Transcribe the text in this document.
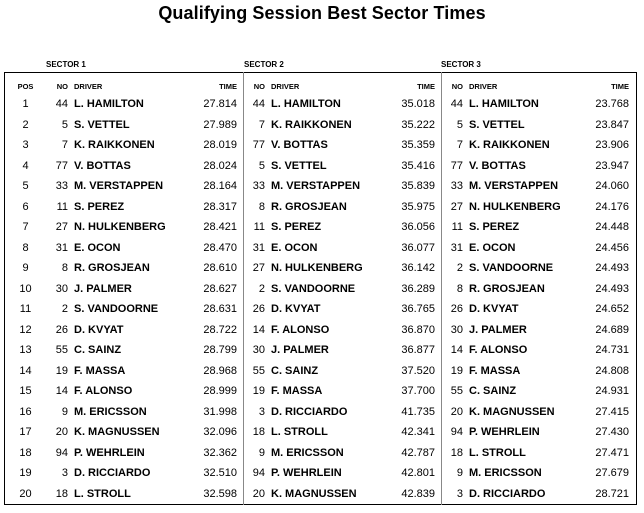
Qualifying Session Best Sector Times
SECTOR 1	SECTOR 2	SECTOR 3
POS	NO	DRIVER	TIME	NO	DRIVER	TIME	NO	DRIVER	TIME
1	44	L. HAMILTON	27.814	44	L. HAMILTON	35.018	44	L. HAMILTON	23.768
2	5	S. VETTEL	27.989	7	K. RAIKKONEN	35.222	5	S. VETTEL	23.847
3	7	K. RAIKKONEN	28.019	77	V. BOTTAS	35.359	7	K. RAIKKONEN	23.906
4	77	V. BOTTAS	28.024	5	S. VETTEL	35.416	77	V. BOTTAS	23.947
5	33	M. VERSTAPPEN	28.164	33	M. VERSTAPPEN	35.839	33	M. VERSTAPPEN	24.060
6	11	S. PEREZ	28.317	8	R. GROSJEAN	35.975	27	N. HULKENBERG	24.176
7	27	N. HULKENBERG	28.421	11	S. PEREZ	36.056	11	S. PEREZ	24.448
8	31	E. OCON	28.470	31	E. OCON	36.077	31	E. OCON	24.456
9	8	R. GROSJEAN	28.610	27	N. HULKENBERG	36.142	2	S. VANDOORNE	24.493
10	30	J. PALMER	28.627	2	S. VANDOORNE	36.289	8	R. GROSJEAN	24.493
11	2	S. VANDOORNE	28.631	26	D. KVYAT	36.765	26	D. KVYAT	24.652
12	26	D. KVYAT	28.722	14	F. ALONSO	36.870	30	J. PALMER	24.689
13	55	C. SAINZ	28.799	30	J. PALMER	36.877	14	F. ALONSO	24.731
14	19	F. MASSA	28.968	55	C. SAINZ	37.520	19	F. MASSA	24.808
15	14	F. ALONSO	28.999	19	F. MASSA	37.700	55	C. SAINZ	24.931
16	9	M. ERICSSON	31.998	3	D. RICCIARDO	41.735	20	K. MAGNUSSEN	27.415
17	20	K. MAGNUSSEN	32.096	18	L. STROLL	42.341	94	P. WEHRLEIN	27.430
18	94	P. WEHRLEIN	32.362	9	M. ERICSSON	42.787	18	L. STROLL	27.471
19	3	D. RICCIARDO	32.510	94	P. WEHRLEIN	42.801	9	M. ERICSSON	27.679
20	18	L. STROLL	32.598	20	K. MAGNUSSEN	42.839	3	D. RICCIARDO	28.721
